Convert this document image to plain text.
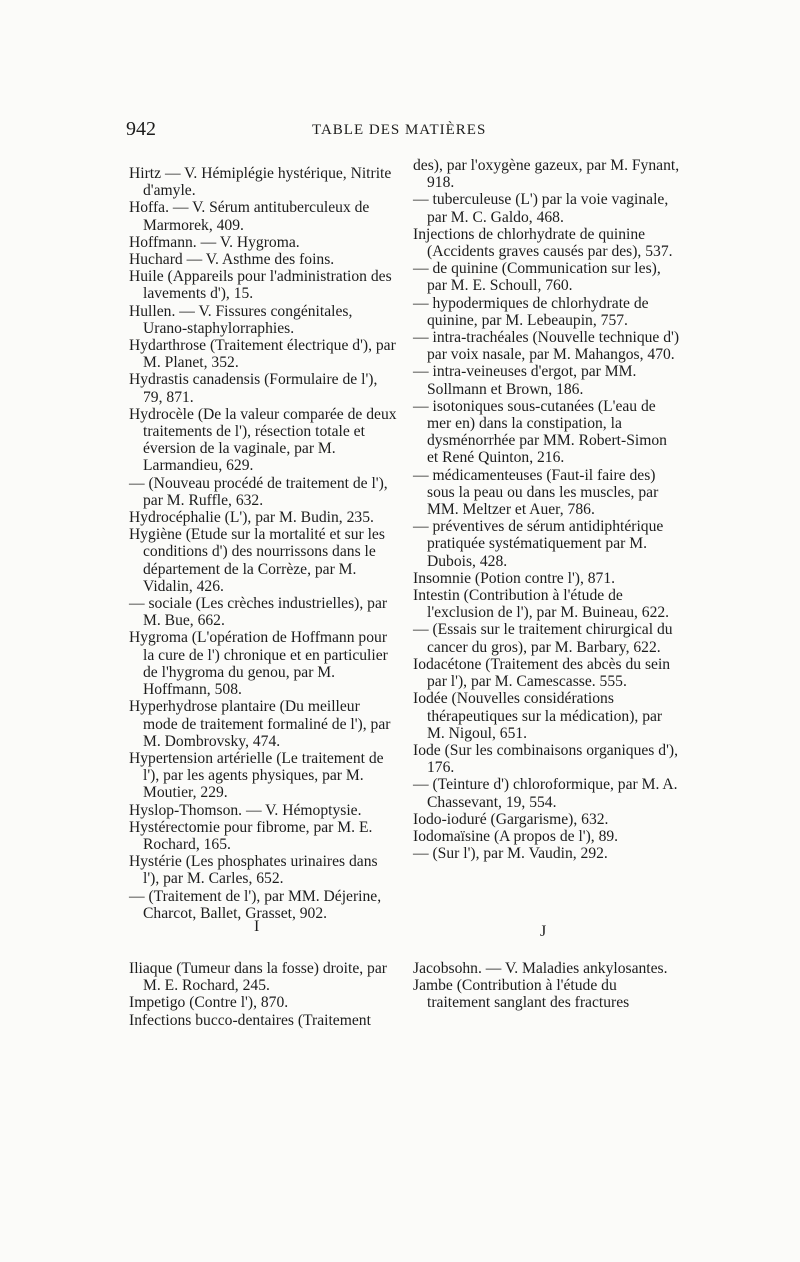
942	TABLE DES MATIÈRES

Hirtz — V. Hémiplégie hystérique, Nitrite d'amyle.

Hoffa. — V. Sérum antituberculeux de Marmorek, 409.

Hoffmann. — V. Hygroma.

Huchard — V. Asthme des foins.

Huile (Appareils pour l'administration des lavements d'), 15.

Hullen. — V. Fissures congénitales, Urano-staphylorraphies.

Hydarthrose (Traitement électrique d'), par M. Planet, 352.

Hydrastis canadensis (Formulaire de l'), 79, 871.

Hydrocèle (De la valeur comparée de deux traitements de l'), résection totale et éversion de la vaginale, par M. Larmandieu, 629.

— (Nouveau procédé de traitement de l'), par M. Ruffle, 632.

Hydrocéphalie (L'), par M. Budin, 235.

Hygiène (Etude sur la mortalité et sur les conditions d') des nourrissons dans le département de la Corrèze, par M. Vidalin, 426.

— sociale (Les crèches industrielles), par M. Bue, 662.

Hygroma (L'opération de Hoffmann pour la cure de l') chronique et en particulier de l'hygroma du genou, par M. Hoffmann, 508.

Hyperhydrose plantaire (Du meilleur mode de traitement formaliné de l'), par M. Dombrovsky, 474.

Hypertension artérielle (Le traitement de l'), par les agents physiques, par M. Moutier, 229.

Hyslop-Thomson. — V. Hémoptysie.

Hystérectomie pour fibrome, par M. E. Rochard, 165.

Hystérie (Les phosphates urinaires dans l'), par M. Carles, 652.

— (Traitement de l'), par MM. Déjerine, Charcot, Ballet, Grasset, 902.

des), par l'oxygène gazeux, par M. Fynant, 918.

— tuberculeuse (L') par la voie vaginale, par M. C. Galdo, 468.

Injections de chlorhydrate de quinine (Accidents graves causés par des), 537.

— de quinine (Communication sur les), par M. E. Schoull, 760.

— hypodermiques de chlorhydrate de quinine, par M. Lebeaupin, 757.

— intra-trachéales (Nouvelle technique d') par voix nasale, par M. Mahangos, 470.

— intra-veineuses d'ergot, par MM. Sollmann et Brown, 186.

— isotoniques sous-cutanées (L'eau de mer en) dans la constipation, la dysménorrhée par MM. Robert-Simon et René Quinton, 216.

— médicamenteuses (Faut-il faire des) sous la peau ou dans les muscles, par MM. Meltzer et Auer, 786.

— préventives de sérum antidiphtérique pratiquée systématiquement par M. Dubois, 428.

Insomnie (Potion contre l'), 871.

Intestin (Contribution à l'étude de l'exclusion de l'), par M. Buineau, 622.

— (Essais sur le traitement chirurgical du cancer du gros), par M. Barbary, 622.

Iodacétone (Traitement des abcès du sein par l'), par M. Camescasse. 555.

Iodée (Nouvelles considérations thérapeutiques sur la médication), par M. Nigoul, 651.

Iode (Sur les combinaisons organiques d'), 176.

— (Teinture d') chloroformique, par M. A. Chassevant, 19, 554.

Iodo-ioduré (Gargarisme), 632.

Iodomaïsine (A propos de l'), 89.

— (Sur l'), par M. Vaudin, 292.

I	J

Iliaque (Tumeur dans la fosse) droite, par M. E. Rochard, 245.

Impetigo (Contre l'), 870.

Infections bucco-dentaires (Traitement

Jacobsohn. — V. Maladies ankylosantes.

Jambe (Contribution à l'étude du traitement sanglant des fractures
